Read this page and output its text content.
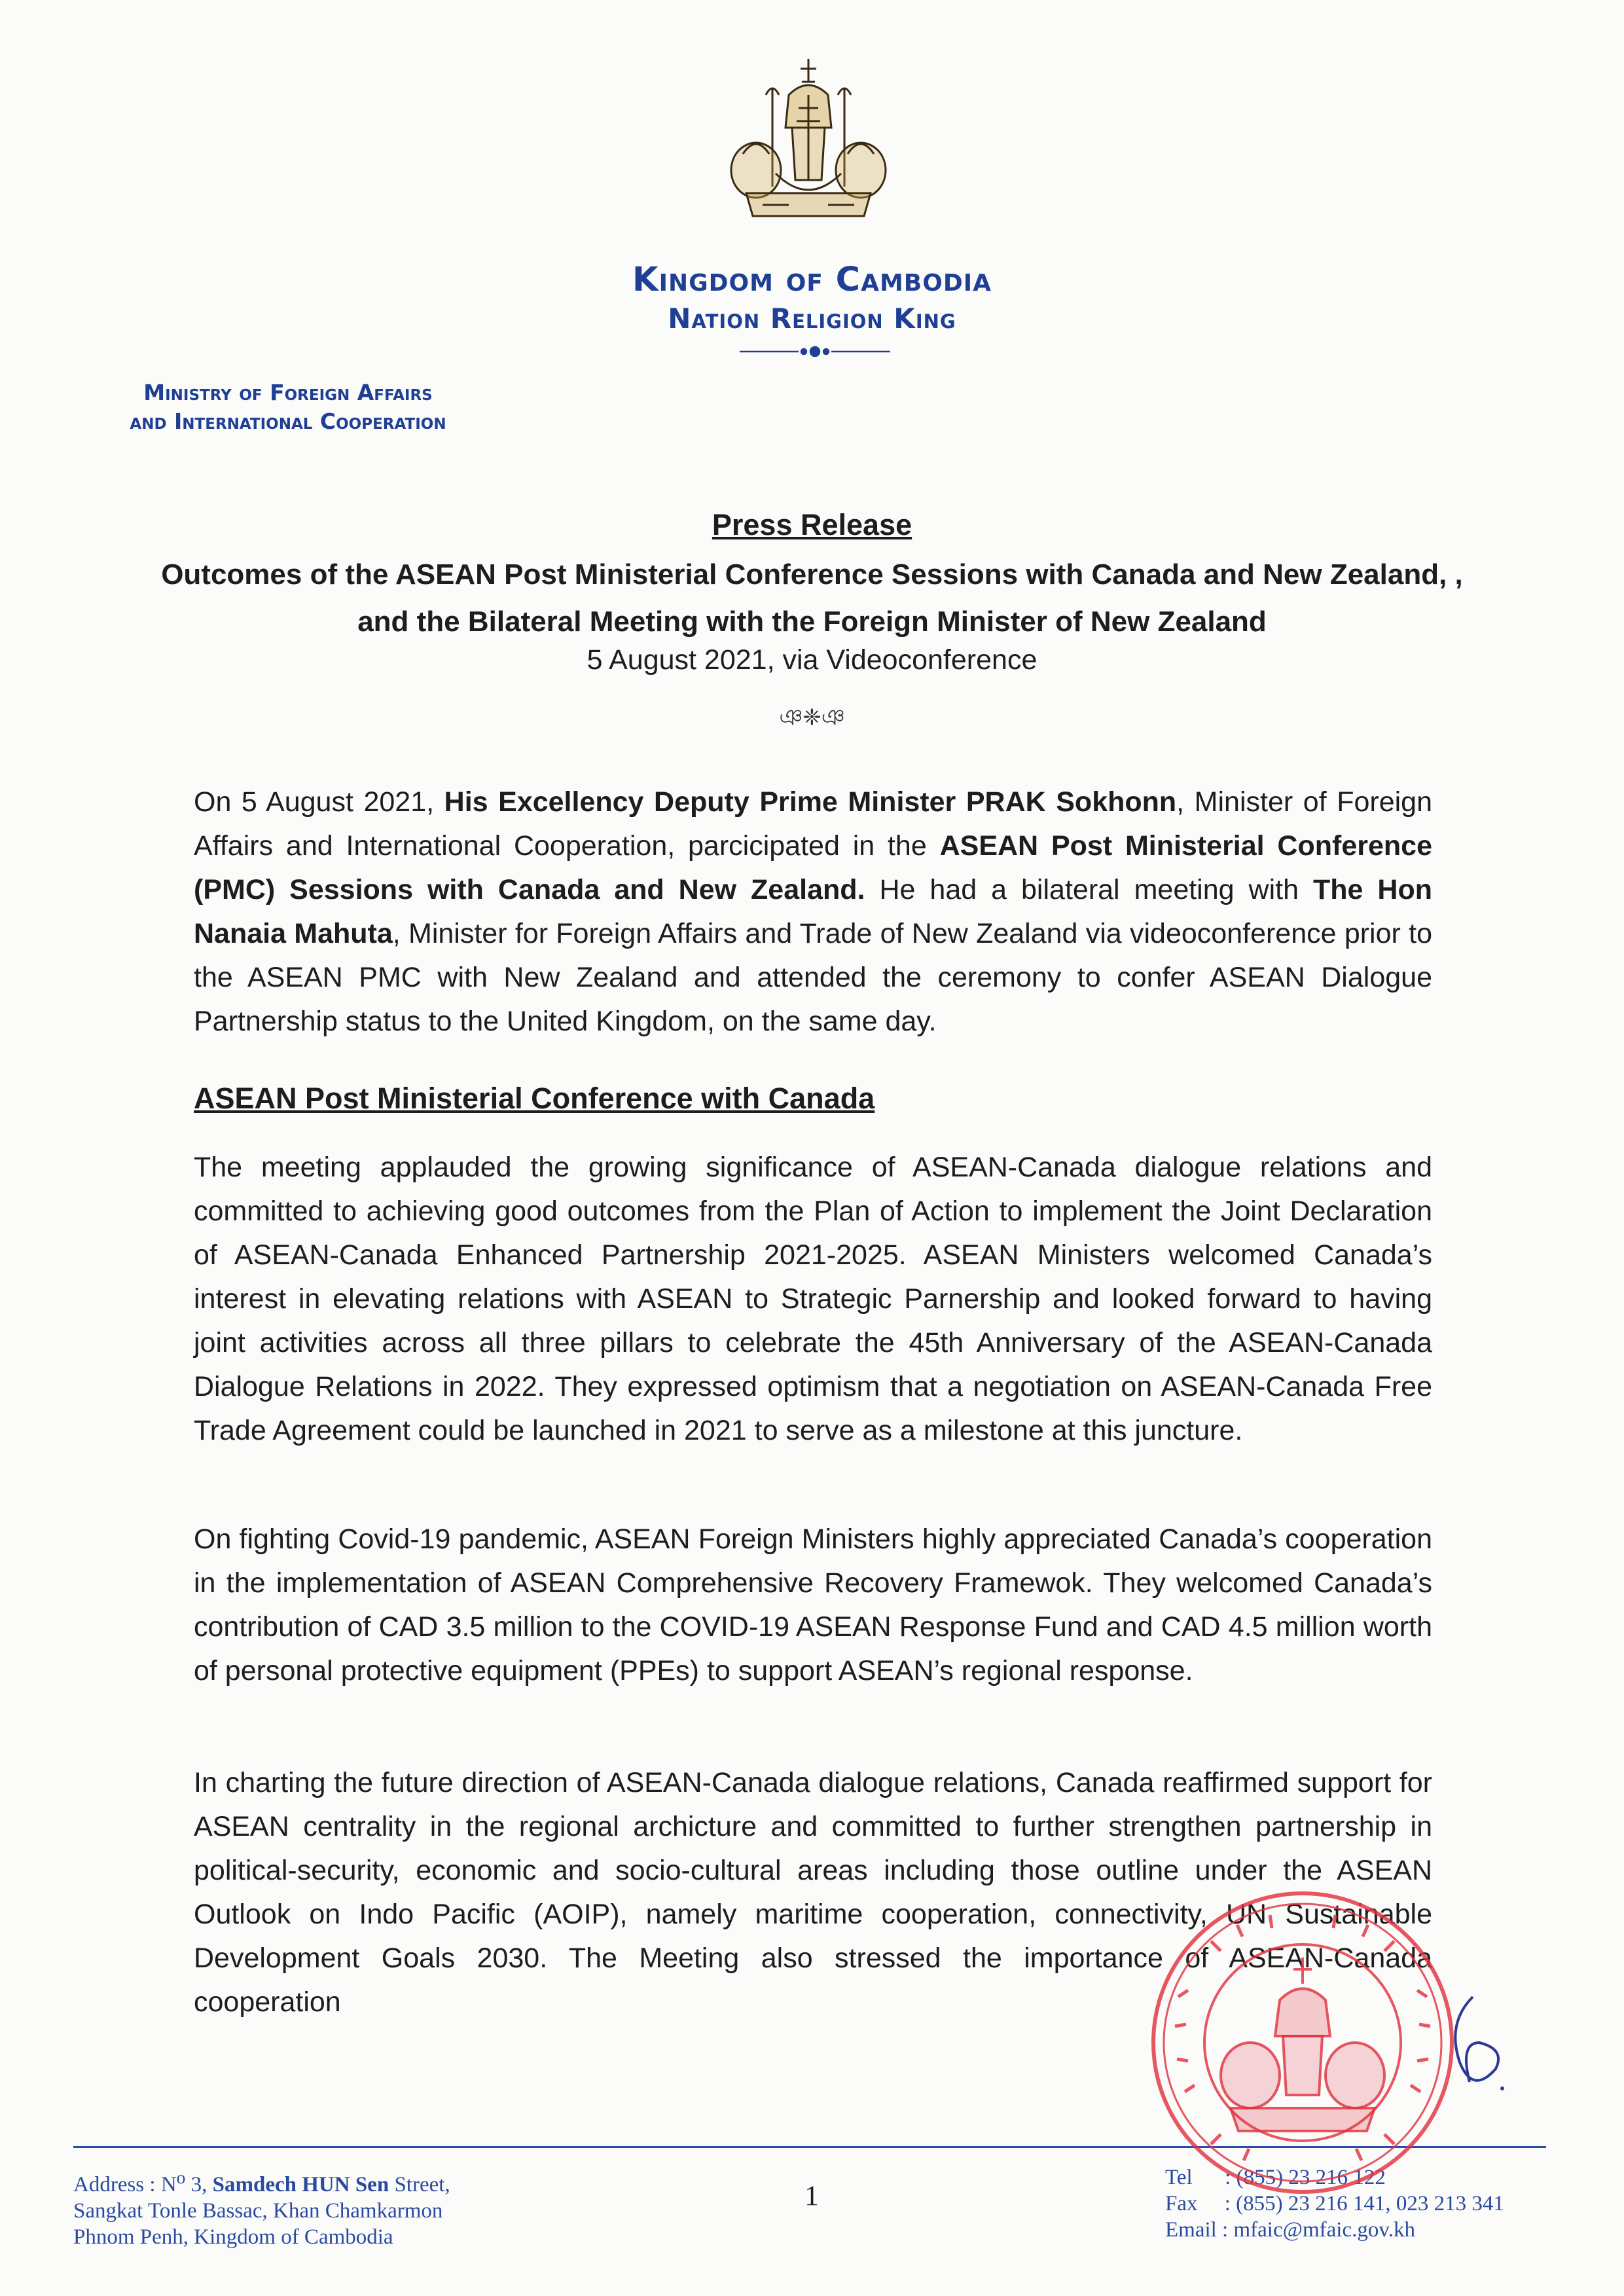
Kingdom of Cambodia
Nation Religion King
Ministry of Foreign Affairs
and International Cooperation
Press Release
Outcomes of the ASEAN Post Ministerial Conference Sessions with Canada and New Zealand, ,
and the Bilateral Meeting with the Foreign Minister of New Zealand
5 August 2021, via Videoconference
ঞ❈ঞ
On 5 August 2021, His Excellency Deputy Prime Minister PRAK Sokhonn, Minister of Foreign Affairs and International Cooperation, parcicipated in the ASEAN Post Ministerial Conference (PMC) Sessions with Canada and New Zealand. He had a bilateral meeting with The Hon Nanaia Mahuta, Minister for Foreign Affairs and Trade of New Zealand via videoconference prior to the ASEAN PMC with New Zealand and attended the ceremony to confer ASEAN Dialogue Partnership status to the United Kingdom, on the same day.
ASEAN Post Ministerial Conference with Canada
The meeting applauded the growing significance of ASEAN-Canada dialogue relations and committed to achieving good outcomes from the Plan of Action to implement the Joint Declaration of ASEAN-Canada Enhanced Partnership 2021-2025. ASEAN Ministers welcomed Canada’s interest in elevating relations with ASEAN to Strategic Parnership and looked forward to having joint activities across all three pillars to celebrate the 45th Anniversary of the ASEAN-Canada Dialogue Relations in 2022. They expressed optimism that a negotiation on ASEAN-Canada Free Trade Agreement could be launched in 2021 to serve as a milestone at this juncture.
On fighting Covid-19 pandemic, ASEAN Foreign Ministers highly appreciated Canada’s cooperation in the implementation of ASEAN Comprehensive Recovery Framewok. They welcomed Canada’s contribution of CAD 3.5 million to the COVID-19 ASEAN Response Fund and CAD 4.5 million worth of personal protective equipment (PPEs) to support ASEAN’s regional response.
In charting the future direction of ASEAN-Canada dialogue relations, Canada reaffirmed support for ASEAN centrality in the regional archicture and committed to further strengthen partnership in political-security, economic and socio-cultural areas including those outline under the ASEAN Outlook on Indo Pacific (AOIP), namely maritime cooperation, connectivity, UN Sustainable Development Goals 2030. The Meeting also stressed the importance of ASEAN-Canada cooperation
Address : $N^o$ 3, Samdech HUN Sen Street,
Sangkat Tonle Bassac, Khan Chamkarmon
Phnom Penh, Kingdom of Cambodia
1
Tel      : (855) 23 216 122
Fax     : (855) 23 216 141, 023 213 341
Email : mfaic@mfaic.gov.kh
